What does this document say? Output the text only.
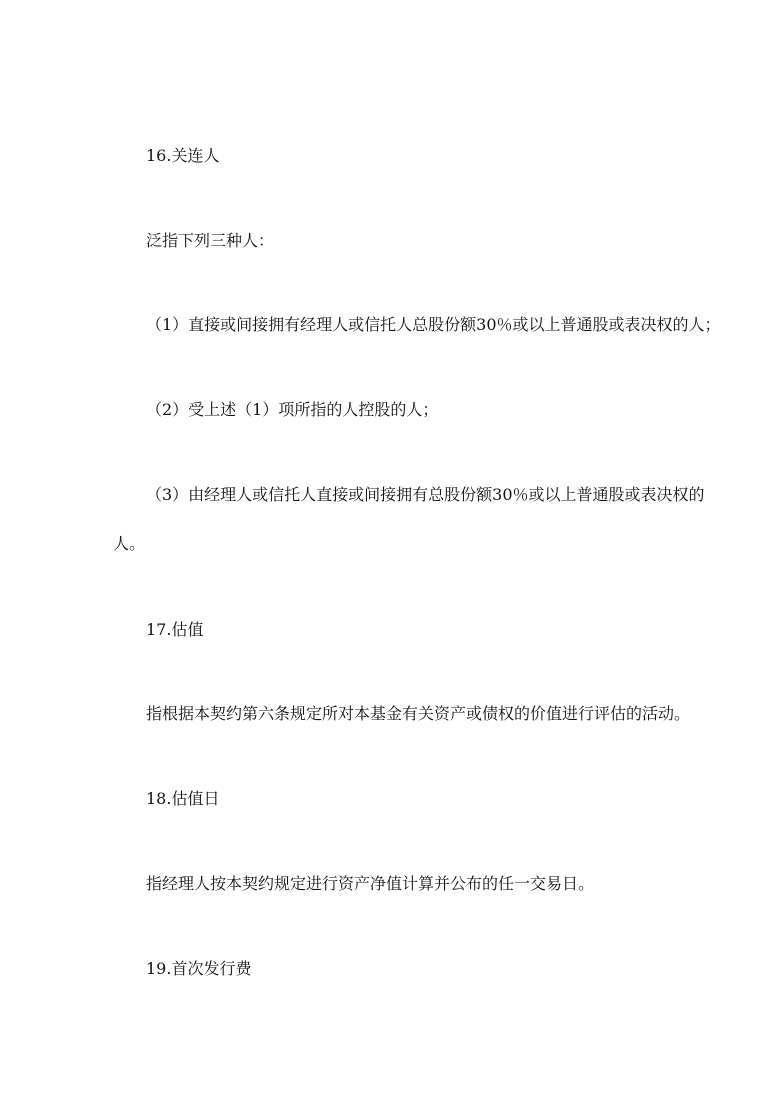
16.关连人
泛指下列三种人：
（1）直接或间接拥有经理人或信托人总股份额30％或以上普通股或表决权的人；
（2）受上述（1）项所指的人控股的人；
（3）由经理人或信托人直接或间接拥有总股份额30％或以上普通股或表决权的
人。
17.估值
指根据本契约第六条规定所对本基金有关资产或债权的价值进行评估的活动。
18.估值日
指经理人按本契约规定进行资产净值计算并公布的任一交易日。
19.首次发行费
